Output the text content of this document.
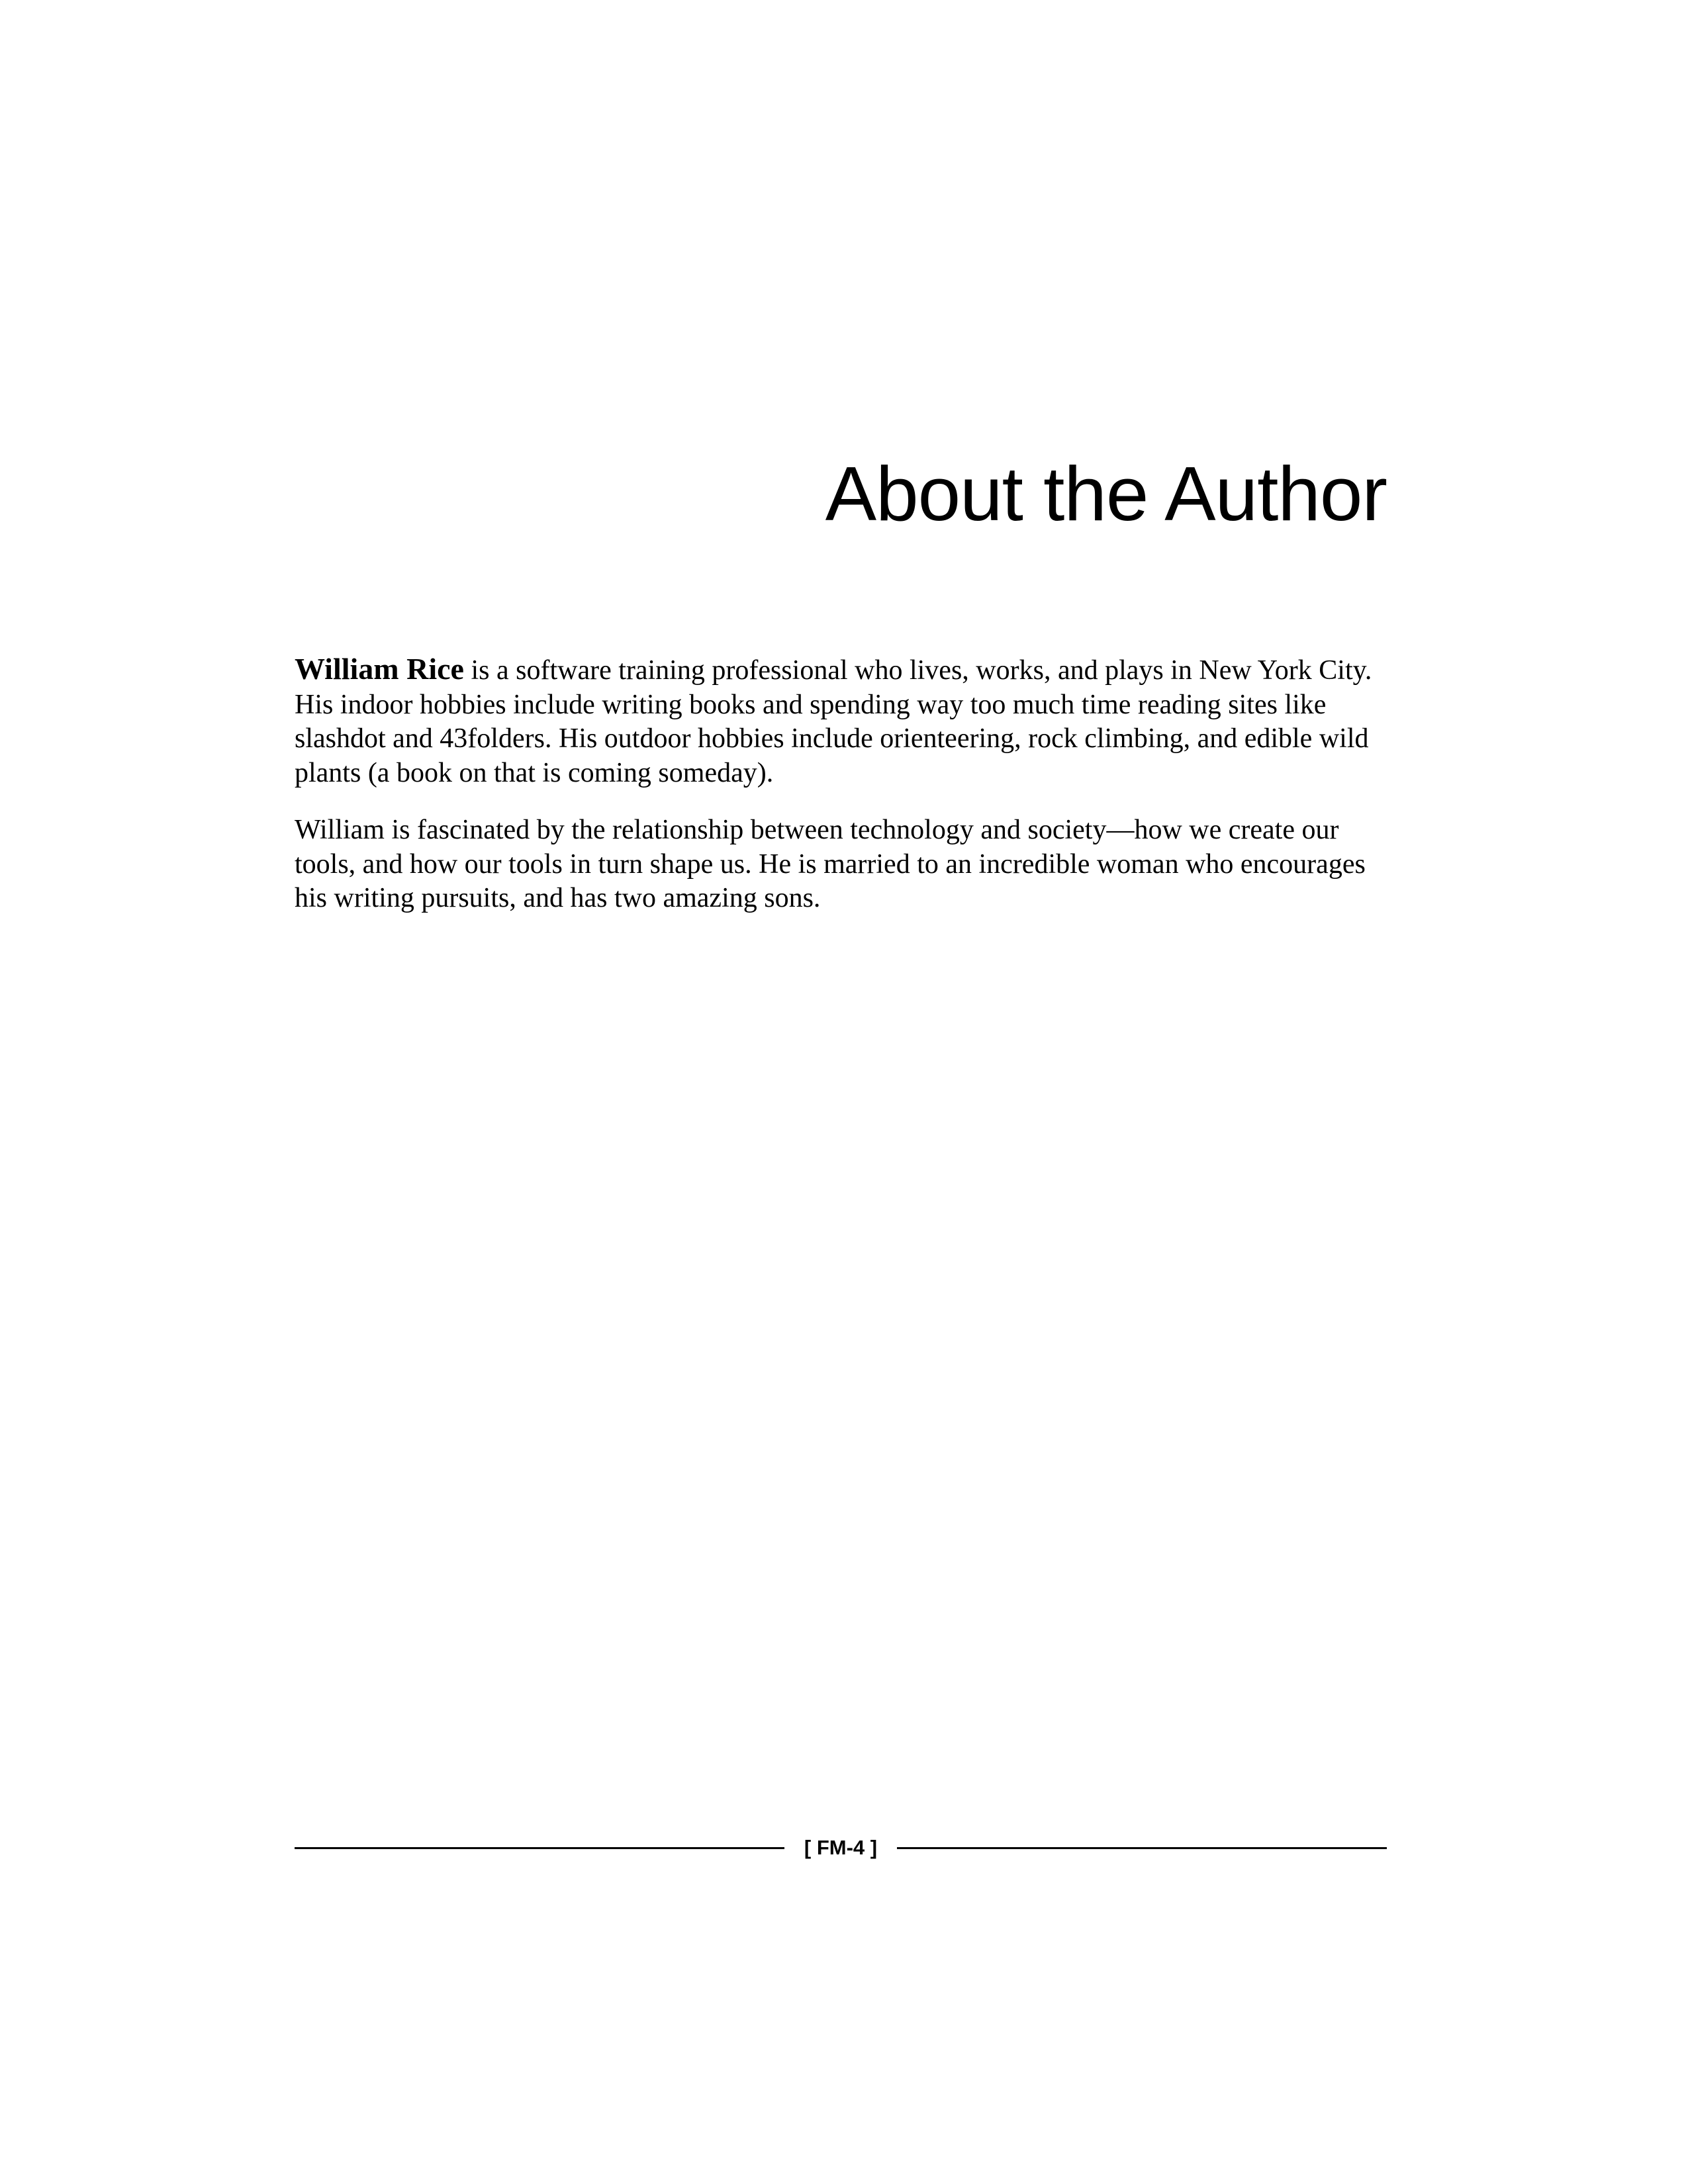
About the Author

William Rice is a software training professional who lives, works, and plays in New York City. His indoor hobbies include writing books and spending way too much time reading sites like slashdot and 43folders. His outdoor hobbies include orienteering, rock climbing, and edible wild plants (a book on that is coming someday).

William is fascinated by the relationship between technology and society—how we create our tools, and how our tools in turn shape us. He is married to an incredible woman who encourages his writing pursuits, and has two amazing sons.

[ FM-4 ]
